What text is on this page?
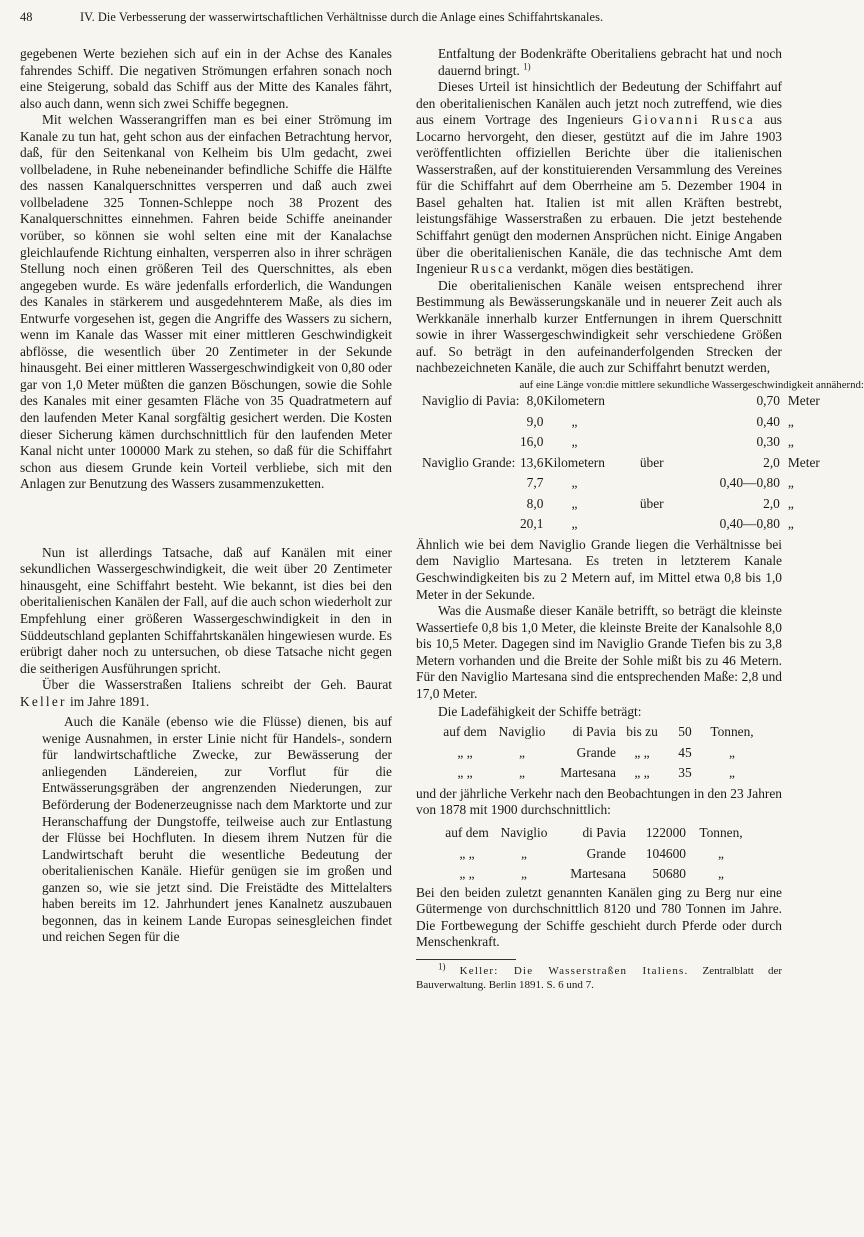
48	IV. Die Verbesserung der wasserwirtschaftlichen Verhältnisse durch die Anlage eines Schiffahrtskanales.

gegebenen Werte beziehen sich auf ein in der Achse des Kanales fahrendes Schiff. Die negativen Strömungen erfahren sonach noch eine Steigerung, sobald das Schiff aus der Mitte des Kanales fährt, also auch dann, wenn sich zwei Schiffe begegnen.

Mit welchen Wasserangriffen man es bei einer Strömung im Kanale zu tun hat, geht schon aus der einfachen Betrachtung hervor, daß, für den Seitenkanal von Kelheim bis Ulm gedacht, zwei vollbeladene, in Ruhe nebeneinander befindliche Schiffe die Hälfte des nassen Kanalquerschnittes versperren und daß auch zwei vollbeladene 325 Tonnen-Schleppe noch 38 Prozent des Kanalquerschnittes einnehmen. Fahren beide Schiffe aneinander vorüber, so können sie wohl selten eine mit der Kanalachse gleichlaufende Richtung einhalten, versperren also in ihrer schrägen Stellung noch einen größeren Teil des Querschnittes, als eben angegeben wurde. Es wäre jedenfalls erforderlich, die Wandungen des Kanales in stärkerem und ausgedehnterem Maße, als dies im Entwurfe vorgesehen ist, gegen die Angriffe des Wassers zu sichern, wenn im Kanale das Wasser mit einer mittleren Geschwindigkeit abflösse, die wesentlich über 20 Zentimeter in der Sekunde hinausgeht. Bei einer mittleren Wassergeschwindigkeit von 0,80 oder gar von 1,0 Meter müßten die ganzen Böschungen, sowie die Sohle des Kanales mit einer gesamten Fläche von 35 Quadratmetern auf den laufenden Meter Kanal sorgfältig gesichert werden. Die Kosten dieser Sicherung kämen durchschnittlich für den laufenden Meter Kanal nicht unter 100000 Mark zu stehen, so daß für die Schiffahrt schon aus diesem Grunde kein Vorteil verbliebe, sich mit den Anlagen zur Benutzung des Wassers zusammenzuketten.

Nun ist allerdings Tatsache, daß auf Kanälen mit einer sekundlichen Wassergeschwindigkeit, die weit über 20 Zentimeter hinausgeht, eine Schiffahrt besteht. Wie bekannt, ist dies bei den oberitalienischen Kanälen der Fall, auf die auch schon wiederholt zur Empfehlung einer größeren Wassergeschwindigkeit in den in Süddeutschland geplanten Schiffahrtskanälen hingewiesen wurde. Es erübrigt daher noch zu untersuchen, ob diese Tatsache nicht gegen die seitherigen Ausführungen spricht.

Über die Wasserstraßen Italiens schreibt der Geh. Baurat Keller im Jahre 1891.

Auch die Kanäle (ebenso wie die Flüsse) dienen, bis auf wenige Ausnahmen, in erster Linie nicht für Handels-, sondern für landwirtschaftliche Zwecke, zur Bewässerung der anliegenden Ländereien, zur Vorflut für die Entwässerungsgräben der angrenzenden Niederungen, zur Beförderung der Bodenerzeugnisse nach dem Marktorte und zur Heranschaffung der Dungstoffe, teilweise auch zur Entlastung der Flüsse bei Hochfluten. In diesem ihrem Nutzen für die Landwirtschaft beruht die wesentliche Bedeutung der oberitalienischen Kanäle. Hiefür genügen sie im großen und ganzen so, wie sie jetzt sind. Die Freistädte des Mittelalters haben bereits im 12. Jahrhundert jenes Kanalnetz auszubauen begonnen, das in keinem Lande Europas seinesgleichen findet und reichen Segen für die

Entfaltung der Bodenkräfte Oberitaliens gebracht hat und noch dauernd bringt. $^{1)}$

Dieses Urteil ist hinsichtlich der Bedeutung der Schiffahrt auf den oberitalienischen Kanälen auch jetzt noch zutreffend, wie dies aus einem Vortrage des Ingenieurs Giovanni Rusca aus Locarno hervorgeht, den dieser, gestützt auf die im Jahre 1903 veröffentlichten offiziellen Berichte über die italienischen Wasserstraßen, auf der konstituierenden Versammlung des Vereines für die Schiffahrt auf dem Oberrheine am 5. Dezember 1904 in Basel gehalten hat. Italien ist mit allen Kräften bestrebt, leistungsfähige Wasserstraßen zu erbauen. Die jetzt bestehende Schiffahrt genügt den modernen Ansprüchen nicht. Einige Angaben über die oberitalienischen Kanäle, die das technische Amt dem Ingenieur Rusca verdankt, mögen dies bestätigen.

Die oberitalienischen Kanäle weisen entsprechend ihrer Bestimmung als Bewässerungskanäle und in neuerer Zeit auch als Werkkanäle innerhalb kurzer Entfernungen in ihrem Querschnitt sowie in ihrer Wassergeschwindigkeit sehr verschiedene Größen auf. So beträgt in den aufeinanderfolgenden Strecken der nachbezeichneten Kanäle, die auch zur Schiffahrt benutzt werden,

	auf eine Länge von:		die mittlere sekundliche Wassergeschwindigkeit annähernd:		
Naviglio di Pavia:	8,0	Kilometern		0,70	Meter
	9,0	„		0,40	„
	16,0	„		0,30	„
Naviglio Grande:	13,6	Kilometern	über	2,0	Meter
	7,7	„		0,40—0,80	„
	8,0	„	über	2,0	„
	20,1	„		0,40—0,80	„

Ähnlich wie bei dem Naviglio Grande liegen die Verhältnisse bei dem Naviglio Martesana. Es treten in letzterem Kanale Geschwindigkeiten bis zu 2 Metern auf, im Mittel etwa 0,8 bis 1,0 Meter in der Sekunde.

Was die Ausmaße dieser Kanäle betrifft, so beträgt die kleinste Wassertiefe 0,8 bis 1,0 Meter, die kleinste Breite der Kanalsohle 8,0 bis 10,5 Meter. Dagegen sind im Naviglio Grande Tiefen bis zu 3,8 Metern vorhanden und die Breite der Sohle mißt bis zu 46 Metern. Für den Naviglio Martesana sind die entsprechenden Maße: 2,8 und 17,0 Meter.

Die Ladefähigkeit der Schiffe beträgt:

auf dem	Naviglio	di Pavia	bis zu	50	Tonnen,
„ „	„	Grande	„ „	45	„
„ „	„	Martesana	„ „	35	„

und der jährliche Verkehr nach den Beobachtungen in den 23 Jahren von 1878 mit 1900 durchschnittlich:

auf dem	Naviglio	di Pavia	122000	Tonnen,
„ „	„	Grande	104600	„
„ „	„	Martesana	50680	„

Bei den beiden zuletzt genannten Kanälen ging zu Berg nur eine Gütermenge von durchschnittlich 8120 und 780 Tonnen im Jahre. Die Fortbewegung der Schiffe geschieht durch Pferde oder durch Menschenkraft.

$^{1)}$ Keller: Die Wasserstraßen Italiens. Zentralblatt der Bauverwaltung. Berlin 1891. S. 6 und 7.
